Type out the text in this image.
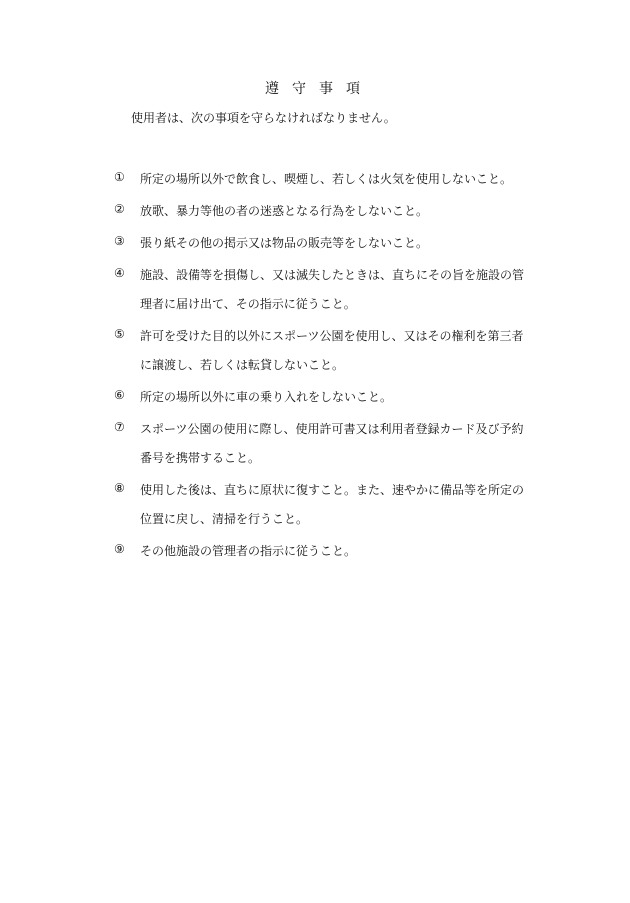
遵守事項
使用者は、次の事項を守らなければなりません。
① 所定の場所以外で飲食し、喫煙し、若しくは火気を使用しないこと。
② 放歌、暴力等他の者の迷惑となる行為をしないこと。
③ 張り紙その他の掲示又は物品の販売等をしないこと。
④ 施設、設備等を損傷し、又は滅失したときは、直ちにその旨を施設の管
理者に届け出て、その指示に従うこと。
⑤ 許可を受けた目的以外にスポーツ公園を使用し、又はその権利を第三者
に譲渡し、若しくは転貸しないこと。
⑥ 所定の場所以外に車の乗り入れをしないこと。
⑦ スポーツ公園の使用に際し、使用許可書又は利用者登録カード及び予約
番号を携帯すること。
⑧ 使用した後は、直ちに原状に復すこと。また、速やかに備品等を所定の
位置に戻し、清掃を行うこと。
⑨ その他施設の管理者の指示に従うこと。
